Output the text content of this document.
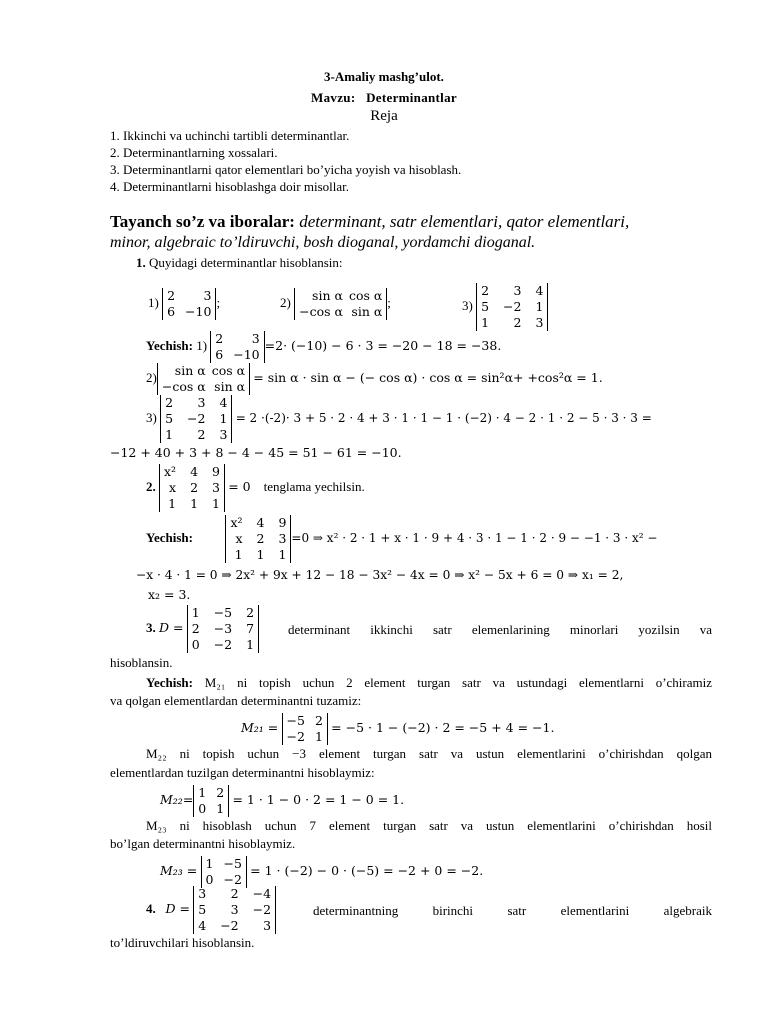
3-Amaliy mashg’ulot.
Mavzu: Determinantlar
Reja
1. Ikkinchi va uchinchi tartibli determinantlar.
2. Determinantlarning xossalari.
3. Determinantlarni qator elementlari bo’yicha yoyish va hisoblash.
4. Determinantlarni hisoblashga doir misollar.
Tayanch so’z va iboralar: determinant, satr elementlari, qator elementlari,
minor, algebraic to’ldiruvchi, bosh dioganal, yordamchi dioganal.
1. Quyidagi determinantlar hisoblansin:
1) 2	3
6 −10
;	2)	sin α cos α
−cos α sin α
;	3)
2	3 4
5 −2 1
1	2 3
Yechish: 1) 2	3
6 −10
=2· (−10) − 6 · 3 = −20 − 18 = −38.
2)	sin α cos α
−cos α sin α
= sin α · sin α − (− cos α) · cos α = sin²α+ +cos²α = 1.
3)
2	3 4
5 −2 1
1	2 3
= 2 ·(-2)· 3 + 5 · 2 · 4 + 3 · 1 · 1 − 1 · (−2) · 4 − 2 · 1 · 2 − 5 · 3 · 3 =
−12 + 40 + 3 + 8 − 4 − 45 = 51 − 61 = −10.
2.
x² 4 9
x 2 3
1 1 1
= 0 tenglama yechilsin.
Yechish:
x² 4 9
x 2 3
1 1 1
=0 ⇒ x² · 2 · 1 + x · 1 · 9 + 4 · 3 · 1 − 1 · 2 · 9 − −1 · 3 · x² −
−x · 4 · 1 = 0 ⇒ 2x² + 9x + 12 − 18 − 3x² − 4x = 0 ⇒ x² − 5x + 6 = 0 ⇒ x₁ = 2,
x₂ = 3.
3. D =
1 −5 2
2 −3 7
0 −2 1
determinant ikkinchi satr elemenlarining minorlari yozilsin va
hisoblansin.
Yechish: M₂₁ ni topish uchun 2 element turgan satr va ustundagi elementlarni o’chiramiz
va qolgan elementlardan determinantni tuzamiz:
M₂₁ = −5 2
−2 1
= −5 · 1 − (−2) · 2 = −5 + 4 = −1.
M₂₂ ni topish uchun −3 element turgan satr va ustun elementlarini o’chirishdan qolgan
elementlardan tuzilgan determinantni hisoblaymiz:
M₂₂= 1 2
0 1
= 1 · 1 − 0 · 2 = 1 − 0 = 1.
M₂₃ ni hisoblash uchun 7 element turgan satr va ustun elementlarini o’chirishdan hosil
bo’lgan determinantni hisoblaymiz.
M₂₃ = 1 −5
0 −2
= 1 · (−2) − 0 · (−5) = −2 + 0 = −2.
4. D =
3	2 −4
5	3 −2
4 −2	3
determinantning birinchi satr elementlarini algebraik
to’ldiruvchilari hisoblansin.
